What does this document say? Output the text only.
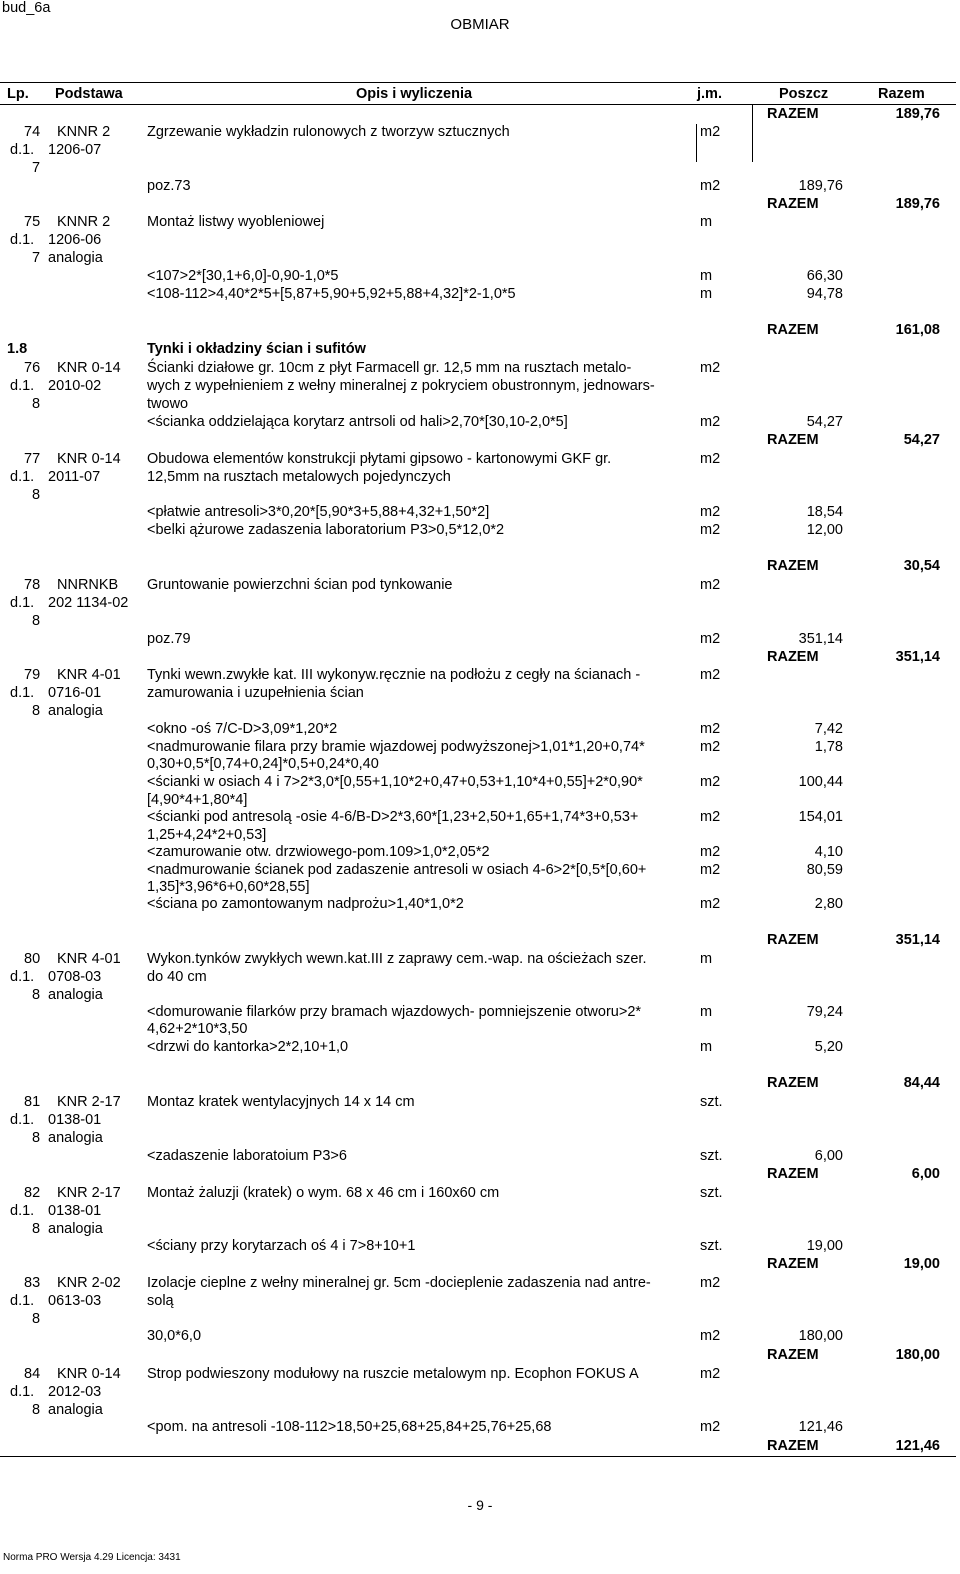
bud_6a
OBMIAR
Lp. Podstawa	Opis i wyliczenia	j.m.	Poszcz	Razem
RAZEM	189,76
74 KNNR 2	Zgrzewanie wykładzin rulonowych z tworzyw sztucznych	m2
d.1. 1206-07
7
poz.73	m2	189,76
RAZEM	189,76
75 KNNR 2	Montaż listwy wyobleniowej	m
d.1. 1206-06
7 analogia
<107>2*[30,1+6,0]-0,90-1,0*5	m	66,30
<108-112>4,40*2*5+[5,87+5,90+5,92+5,88+4,32]*2-1,0*5	m	94,78
RAZEM	161,08
1.8	Tynki i okładziny ścian i sufitów
76 KNR 0-14 Ścianki działowe gr. 10cm z płyt Farmacell gr. 12,5 mm na rusztach metalo-	m2
d.1. 2010-02	wych z wypełnieniem z wełny mineralnej z pokryciem obustronnym, jednowars-
8	twowo
<ścianka oddzielająca korytarz antrsoli od hali>2,70*[30,10-2,0*5]	m2	54,27
RAZEM	54,27
77 KNR 0-14 Obudowa elementów konstrukcji płytami gipsowo - kartonowymi GKF gr.	m2
d.1. 2011-07	12,5mm na rusztach metalowych pojedynczych
8
<płatwie antresoli>3*0,20*[5,90*3+5,88+4,32+1,50*2]	m2	18,54
<belki ążurowe zadaszenia laboratorium P3>0,5*12,0*2	m2	12,00
RAZEM	30,54
78 NNRNKB Gruntowanie powierzchni ścian pod tynkowanie	m2
d.1. 202 1134-02
8
poz.79	m2	351,14
RAZEM	351,14
79 KNR 4-01 Tynki wewn.zwykłe kat. III wykonyw.ręcznie na podłożu z cegły na ścianach -	m2
d.1. 0716-01	zamurowania i uzupełnienia ścian
8 analogia
<okno -oś 7/C-D>3,09*1,20*2	m2	7,42
<nadmurowanie filara przy bramie wjazdowej podwyższonej>1,01*1,20+0,74*	m2	1,78
0,30+0,5*[0,74+0,24]*0,5+0,24*0,40
<ścianki w osiach 4 i 7>2*3,0*[0,55+1,10*2+0,47+0,53+1,10*4+0,55]+2*0,90*	m2	100,44
[4,90*4+1,80*4]
<ścianki pod antresolą -osie 4-6/B-D>2*3,60*[1,23+2,50+1,65+1,74*3+0,53+	m2	154,01
1,25+4,24*2+0,53]
<zamurowanie otw. drzwiowego-pom.109>1,0*2,05*2	m2	4,10
<nadmurowanie ścianek pod zadaszenie antresoli w osiach 4-6>2*[0,5*[0,60+	m2	80,59
1,35]*3,96*6+0,60*28,55]
<ściana po zamontowanym nadprożu>1,40*1,0*2	m2	2,80
RAZEM	351,14
80 KNR 4-01 Wykon.tynków zwykłych wewn.kat.III z zaprawy cem.-wap. na ościeżach szer.	m
d.1. 0708-03	do 40 cm
8 analogia
<domurowanie filarków przy bramach wjazdowych- pomniejszenie otworu>2*	m	79,24
4,62+2*10*3,50
<drzwi do kantorka>2*2,10+1,0	m	5,20
RAZEM	84,44
81 KNR 2-17 Montaz kratek wentylacyjnych 14 x 14 cm	szt.
d.1. 0138-01
8 analogia
<zadaszenie laboratoium P3>6	szt.	6,00
RAZEM	6,00
82 KNR 2-17 Montaż żaluzji (kratek) o wym. 68 x 46 cm i 160x60 cm	szt.
d.1. 0138-01
8 analogia
<ściany przy korytarzach oś 4 i 7>8+10+1	szt.	19,00
RAZEM	19,00
83 KNR 2-02 Izolacje cieplne z wełny mineralnej gr. 5cm -docieplenie zadaszenia nad antre-	m2
d.1. 0613-03	solą
8
30,0*6,0	m2	180,00
RAZEM	180,00
84 KNR 0-14 Strop podwieszony modułowy na ruszcie metalowym np. Ecophon FOKUS A	m2
d.1. 2012-03
8 analogia
<pom. na antresoli -108-112>18,50+25,68+25,84+25,76+25,68	m2	121,46
RAZEM	121,46
- 9 -
Norma PRO Wersja 4.29 Licencja: 3431
